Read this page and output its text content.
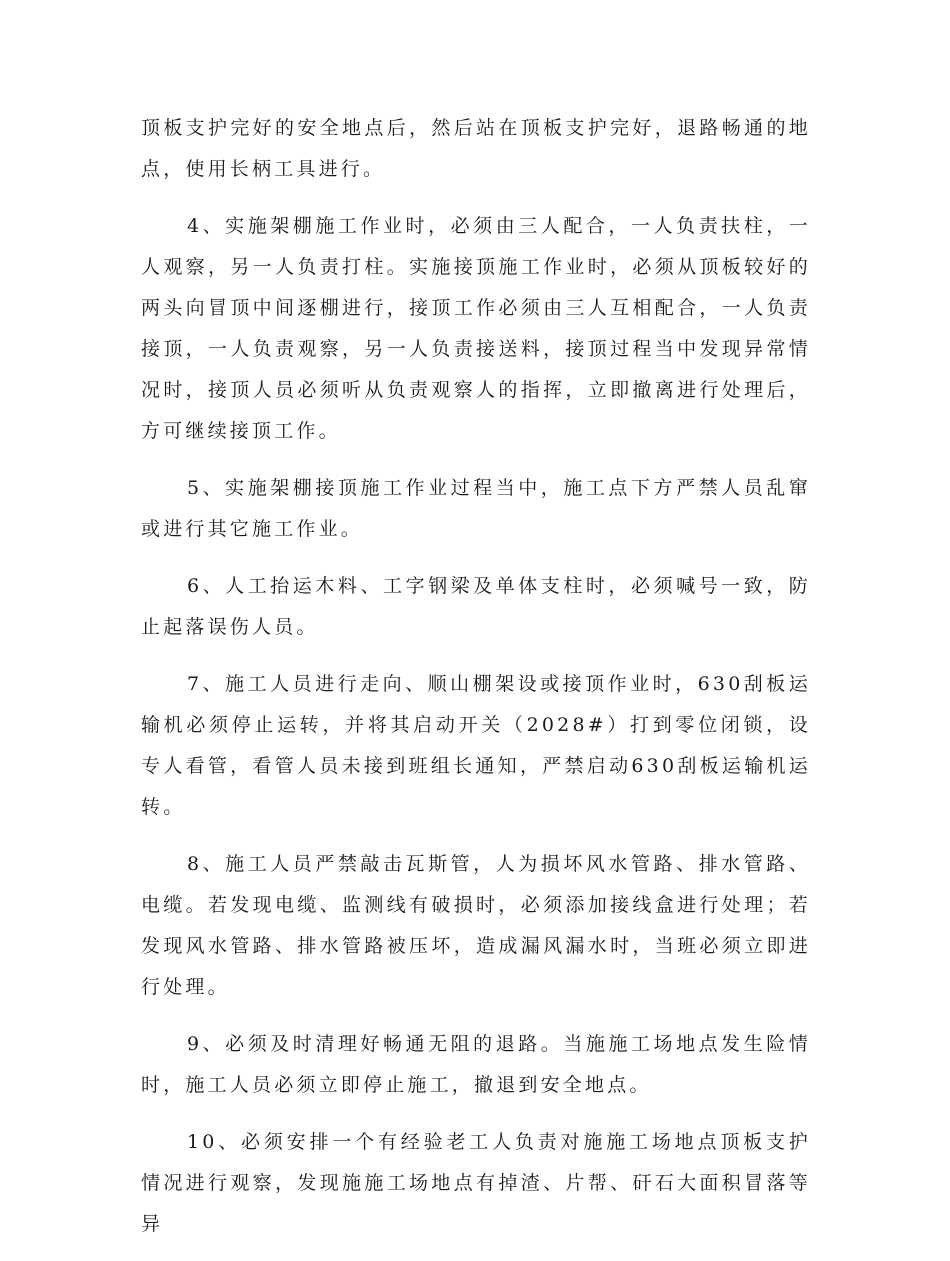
顶板支护完好的安全地点后，然后站在顶板支护完好，退路畅通的地点，使用长柄工具进行。

4、实施架棚施工作业时，必须由三人配合，一人负责扶柱，一人观察，另一人负责打柱。实施接顶施工作业时，必须从顶板较好的两头向冒顶中间逐棚进行，接顶工作必须由三人互相配合，一人负责接顶，一人负责观察，另一人负责接送料，接顶过程当中发现异常情况时，接顶人员必须听从负责观察人的指挥，立即撤离进行处理后，方可继续接顶工作。

5、实施架棚接顶施工作业过程当中，施工点下方严禁人员乱窜或进行其它施工作业。

6、人工抬运木料、工字钢梁及单体支柱时，必须喊号一致，防止起落误伤人员。

7、施工人员进行走向、顺山棚架设或接顶作业时，630刮板运输机必须停止运转，并将其启动开关（2028#）打到零位闭锁，设专人看管，看管人员未接到班组长通知，严禁启动630刮板运输机运转。

8、施工人员严禁敲击瓦斯管，人为损坏风水管路、排水管路、电缆。若发现电缆、监测线有破损时，必须添加接线盒进行处理；若发现风水管路、排水管路被压坏，造成漏风漏水时，当班必须立即进行处理。

9、必须及时清理好畅通无阻的退路。当施施工场地点发生险情时，施工人员必须立即停止施工，撤退到安全地点。

10、必须安排一个有经验老工人负责对施施工场地点顶板支护情况进行观察，发现施施工场地点有掉渣、片帮、矸石大面积冒落等异
